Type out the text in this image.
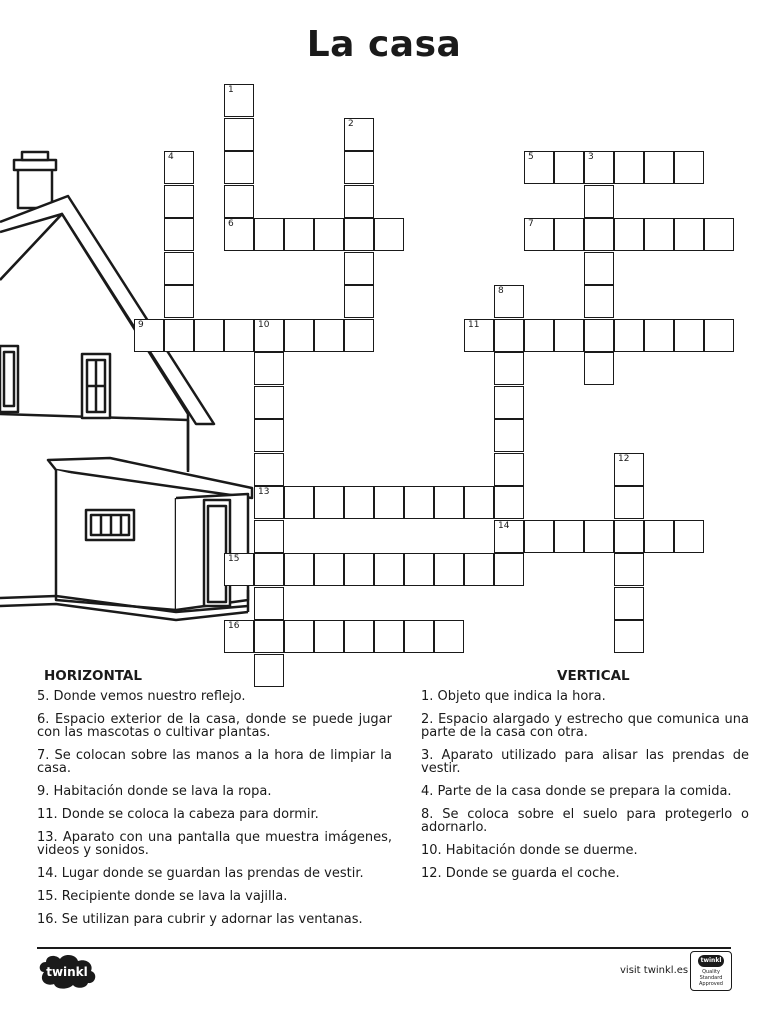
La casa
1
6
2
3
4	5
7
8
14
9	10
13
11
12
15
16
HORIZONTAL	VERTICAL
5. Donde vemos nuestro reflejo.
6. Espacio exterior de la casa, donde se puede jugar con las mascotas o cultivar plantas.
7. Se colocan sobre las manos a la hora de limpiar la casa.
9. Habitación donde se lava la ropa.
11. Donde se coloca la cabeza para dormir.
13. Aparato con una pantalla que muestra imágenes, videos y sonidos.
14. Lugar donde se guardan las prendas de vestir.
15. Recipiente donde se lava la vajilla.
16. Se utilizan para cubrir y adornar las ventanas.
1. Objeto que indica la hora.
2. Espacio alargado y estrecho que comunica una parte de la casa con otra.
3. Aparato utilizado para alisar las prendas de vestir.
4. Parte de la casa donde se prepara la comida.
8. Se coloca sobre el suelo para protegerlo o adornarlo.
10. Habitación donde se duerme.
12. Donde se guarda el coche.
twinkl	visit twinkl.es
twinkl
Quality Standard Approved
